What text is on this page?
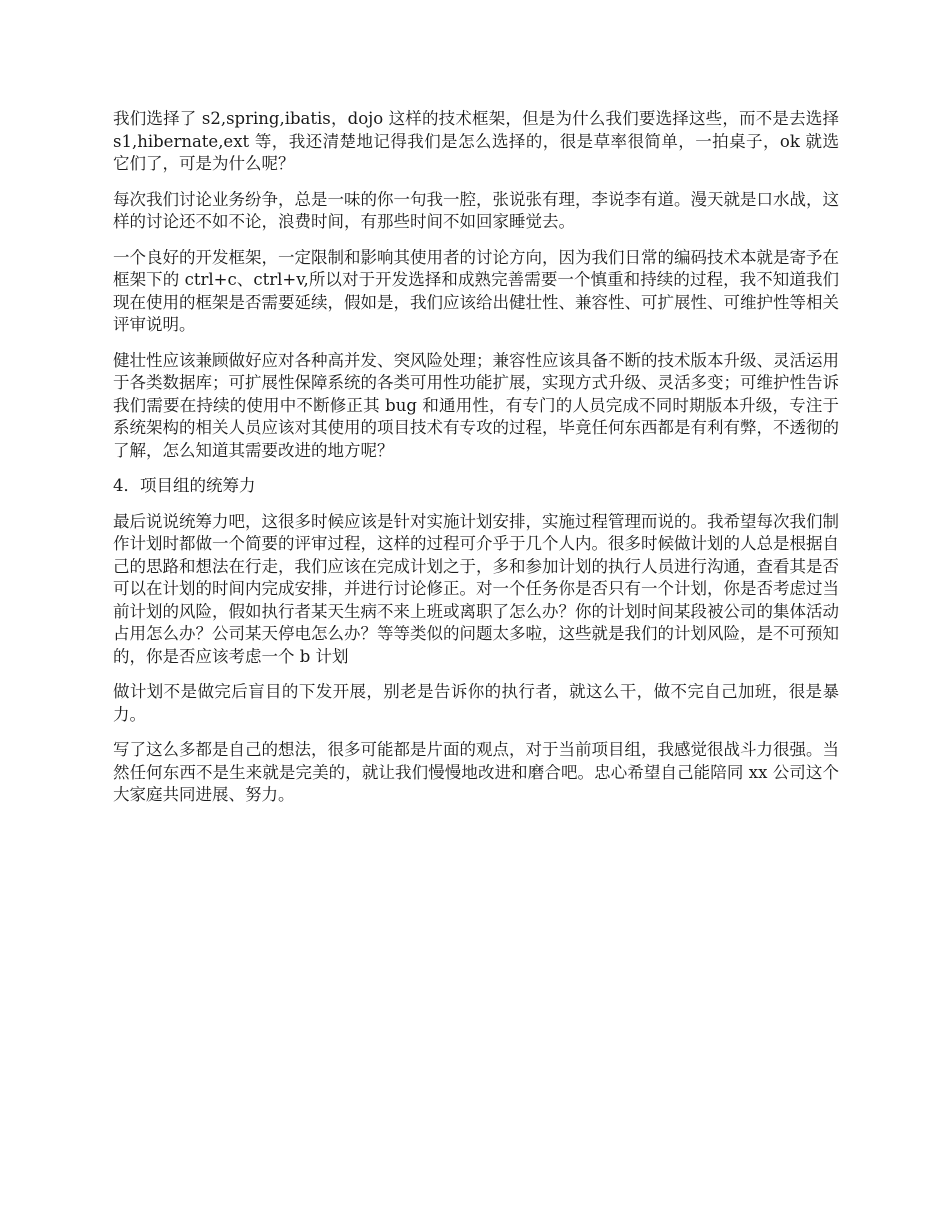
我们选择了 s2,spring,ibatis，dojo 这样的技术框架，但是为什么我们要选择这些，而不是去选择 s1,hibernate,ext 等，我还清楚地记得我们是怎么选择的，很是草率很简单，一拍桌子，ok 就选它们了，可是为什么呢？

每次我们讨论业务纷争，总是一味的你一句我一腔，张说张有理，李说李有道。漫天就是口水战，这样的讨论还不如不论，浪费时间，有那些时间不如回家睡觉去。

一个良好的开发框架，一定限制和影响其使用者的讨论方向，因为我们日常的编码技术本就是寄予在框架下的 ctrl+c、ctrl+v,所以对于开发选择和成熟完善需要一个慎重和持续的过程，我不知道我们现在使用的框架是否需要延续，假如是，我们应该给出健壮性、兼容性、可扩展性、可维护性等相关评审说明。

健壮性应该兼顾做好应对各种高并发、突风险处理；兼容性应该具备不断的技术版本升级、灵活运用于各类数据库；可扩展性保障系统的各类可用性功能扩展，实现方式升级、灵活多变；可维护性告诉我们需要在持续的使用中不断修正其 bug 和通用性，有专门的人员完成不同时期版本升级，专注于系统架构的相关人员应该对其使用的项目技术有专攻的过程，毕竟任何东西都是有利有弊，不透彻的了解，怎么知道其需要改进的地方呢？

4．项目组的统筹力

最后说说统筹力吧，这很多时候应该是针对实施计划安排，实施过程管理而说的。我希望每次我们制作计划时都做一个简要的评审过程，这样的过程可介乎于几个人内。很多时候做计划的人总是根据自己的思路和想法在行走，我们应该在完成计划之于，多和参加计划的执行人员进行沟通，查看其是否可以在计划的时间内完成安排，并进行讨论修正。对一个任务你是否只有一个计划，你是否考虑过当前计划的风险，假如执行者某天生病不来上班或离职了怎么办？你的计划时间某段被公司的集体活动占用怎么办？公司某天停电怎么办？等等类似的问题太多啦，这些就是我们的计划风险，是不可预知的，你是否应该考虑一个 b 计划

做计划不是做完后盲目的下发开展，别老是告诉你的执行者，就这么干，做不完自己加班，很是暴力。

写了这么多都是自己的想法，很多可能都是片面的观点，对于当前项目组，我感觉很战斗力很强。当然任何东西不是生来就是完美的，就让我们慢慢地改进和磨合吧。忠心希望自己能陪同 xx 公司这个大家庭共同进展、努力。
